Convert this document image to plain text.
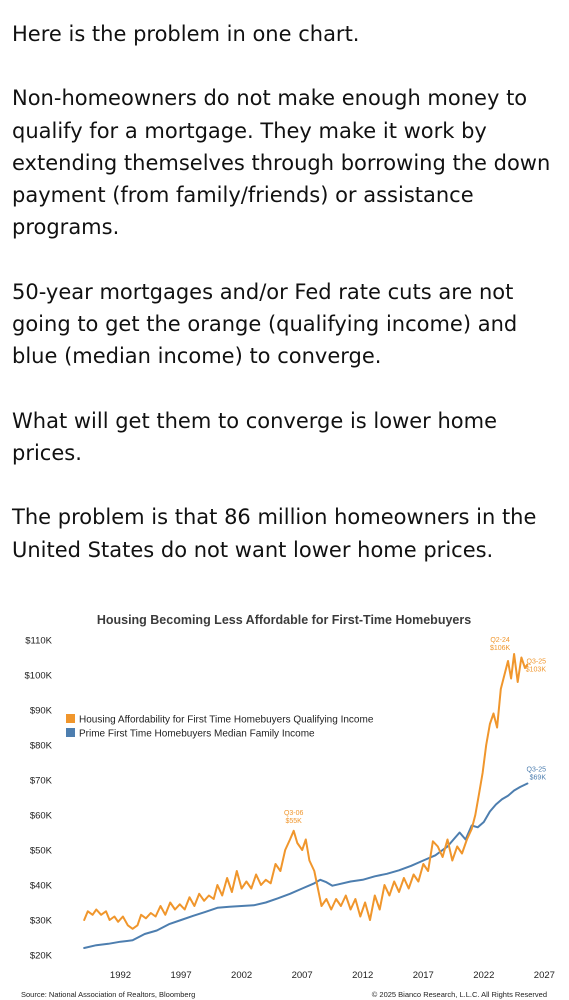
Here is the problem in one chart.

Non-homeowners do not make enough money to qualify for a mortgage. They make it work by extending themselves through borrowing the down payment (from family/friends) or assistance programs.

50-year mortgages and/or Fed rate cuts are not going to get the orange (qualifying income) and blue (median income) to converge.

What will get them to converge is lower home prices.

The problem is that 86 million homeowners in the United States do not want lower home prices.

Housing Becoming Less Affordable for First-Time Homebuyers
Housing Affordability for First Time Homebuyers Qualifying Income
Prime First Time Homebuyers Median Family Income
$20K
$30K
$40K
$50K
$60K
$70K
$80K
$90K
$100K
$110K
1992	1997	2002	2007	2012	2017	2022	2027
Q3-06
$55K
Q2-24
$106K
Q3-25
$103K
Q3-25
$69K
Source: National Association of Realtors, Bloomberg	© 2025 Bianco Research, L.L.C. All Rights Reserved
